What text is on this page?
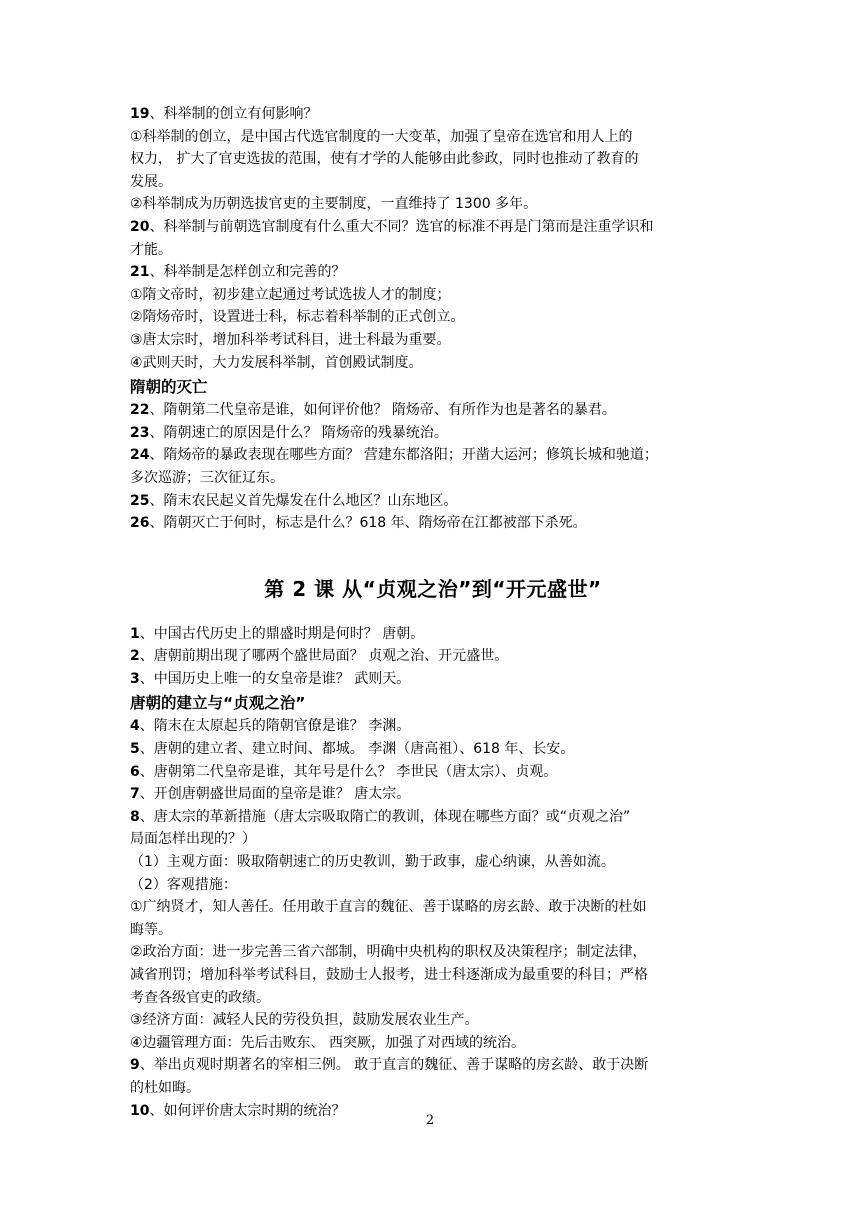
19、科举制的创立有何影响？
①科举制的创立，是中国古代选官制度的一大变革，加强了皇帝在选官和用人上的
权力， 扩大了官吏选拔的范围，使有才学的人能够由此参政，同时也推动了教育的
发展。
②科举制成为历朝选拔官吏的主要制度，一直维持了 1300 多年。
20、科举制与前朝选官制度有什么重大不同？选官的标准不再是门第而是注重学识和
才能。
21、科举制是怎样创立和完善的？
①隋文帝时，初步建立起通过考试选拔人才的制度；
②隋炀帝时，设置进士科，标志着科举制的正式创立。
③唐太宗时，增加科举考试科目，进士科最为重要。
④武则天时，大力发展科举制，首创殿试制度。
隋朝的灭亡
22、隋朝第二代皇帝是谁，如何评价他？ 隋炀帝、有所作为也是著名的暴君。
23、隋朝速亡的原因是什么？ 隋炀帝的残暴统治。
24、隋炀帝的暴政表现在哪些方面？ 营建东都洛阳；开凿大运河；修筑长城和驰道；
多次巡游；三次征辽东。
25、隋末农民起义首先爆发在什么地区？山东地区。
26、隋朝灭亡于何时，标志是什么？618 年、隋炀帝在江都被部下杀死。
第 2 课 从“贞观之治”到“开元盛世”
1、中国古代历史上的鼎盛时期是何时？ 唐朝。
2、唐朝前期出现了哪两个盛世局面？ 贞观之治、开元盛世。
3、中国历史上唯一的女皇帝是谁？ 武则天。
唐朝的建立与“贞观之治”
4、隋末在太原起兵的隋朝官僚是谁？ 李渊。
5、唐朝的建立者、建立时间、都城。 李渊（唐高祖）、618 年、长安。
6、唐朝第二代皇帝是谁，其年号是什么？ 李世民（唐太宗）、贞观。
7、开创唐朝盛世局面的皇帝是谁？ 唐太宗。
8、唐太宗的革新措施（唐太宗吸取隋亡的教训，体现在哪些方面？或“贞观之治”
局面怎样出现的？）
（1）主观方面：吸取隋朝速亡的历史教训，勤于政事，虚心纳谏，从善如流。
（2）客观措施：
①广纳贤才，知人善任。任用敢于直言的魏征、善于谋略的房玄龄、敢于决断的杜如
晦等。
②政治方面：进一步完善三省六部制，明确中央机构的职权及决策程序；制定法律，
减省刑罚；增加科举考试科目，鼓励士人报考，进士科逐渐成为最重要的科目；严格
考查各级官吏的政绩。
③经济方面：减轻人民的劳役负担，鼓励发展农业生产。
④边疆管理方面：先后击败东、 西突厥，加强了对西域的统治。
9、举出贞观时期著名的宰相三例。 敢于直言的魏征、善于谋略的房玄龄、敢于决断
的杜如晦。
10、如何评价唐太宗时期的统治？
2
